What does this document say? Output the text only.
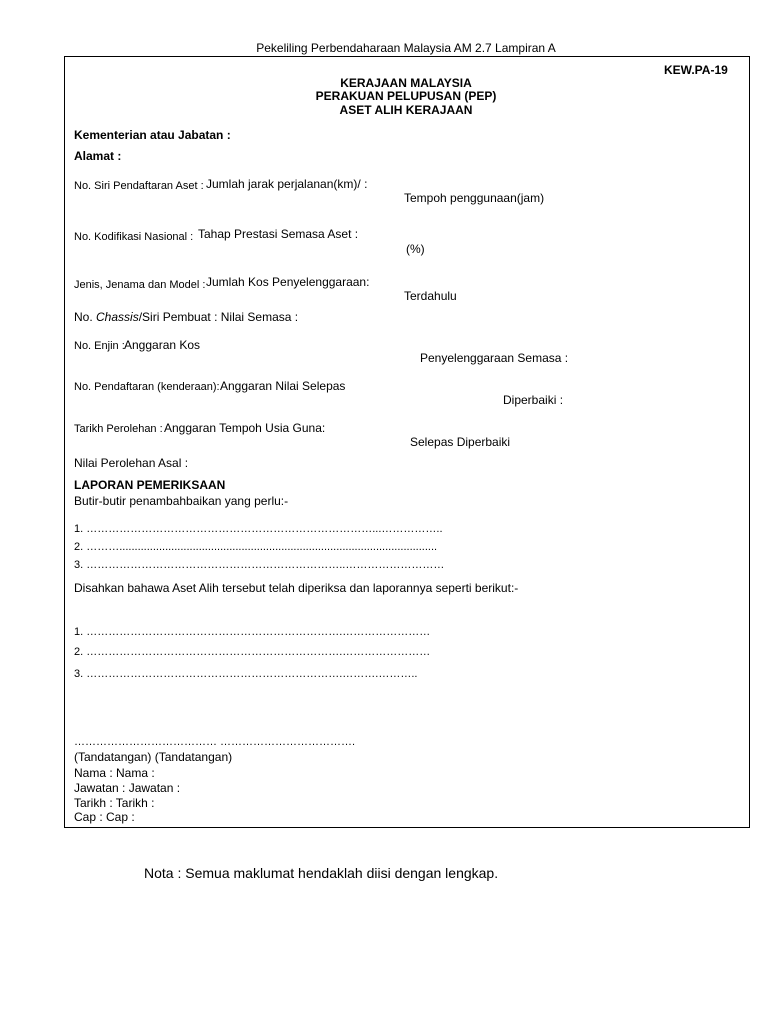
Pekeliling Perbendaharaan Malaysia AM 2.7 Lampiran A
KEW.PA-19
KERAJAAN MALAYSIA
PERAKUAN PELUPUSAN (PEP)
ASET ALIH KERAJAAN
Kementerian atau Jabatan :
Alamat :
No. Siri Pendaftaran Aset : Jumlah jarak perjalanan(km)/ :
Tempoh penggunaan(jam)
No. Kodifikasi Nasional : Tahap Prestasi Semasa Aset :
(%)
Jenis, Jenama dan Model : Jumlah Kos Penyelenggaraan:
Terdahulu
No. Chassis/Siri Pembuat : Nilai Semasa :
No. Enjin : Anggaran Kos
Penyelenggaraan Semasa :
No. Pendaftaran (kenderaan): Anggaran Nilai Selepas
Diperbaiki :
Tarikh Perolehan : Anggaran Tempoh Usia Guna:
Selepas Diperbaiki
Nilai Perolehan Asal :
LAPORAN PEMERIKSAAN
Butir-butir penambahbaikan yang perlu:-
1. ……………………………………………………………………...……………..
2. ………........................................................................................................
3. ……………………………………………………………..………………………
Disahkan bahawa Aset Alih tersebut telah diperiksa dan laporannya seperti berikut:-
1. …………………………………………………………….……………………
2. …………………………………………………………….……………………
3. …………………………………………………………….……….………..
………………………………… ……………………………….
(Tandatangan) (Tandatangan)
Nama : Nama :
Jawatan : Jawatan :
Tarikh : Tarikh :
Cap : Cap :
Nota : Semua maklumat hendaklah diisi dengan lengkap.
